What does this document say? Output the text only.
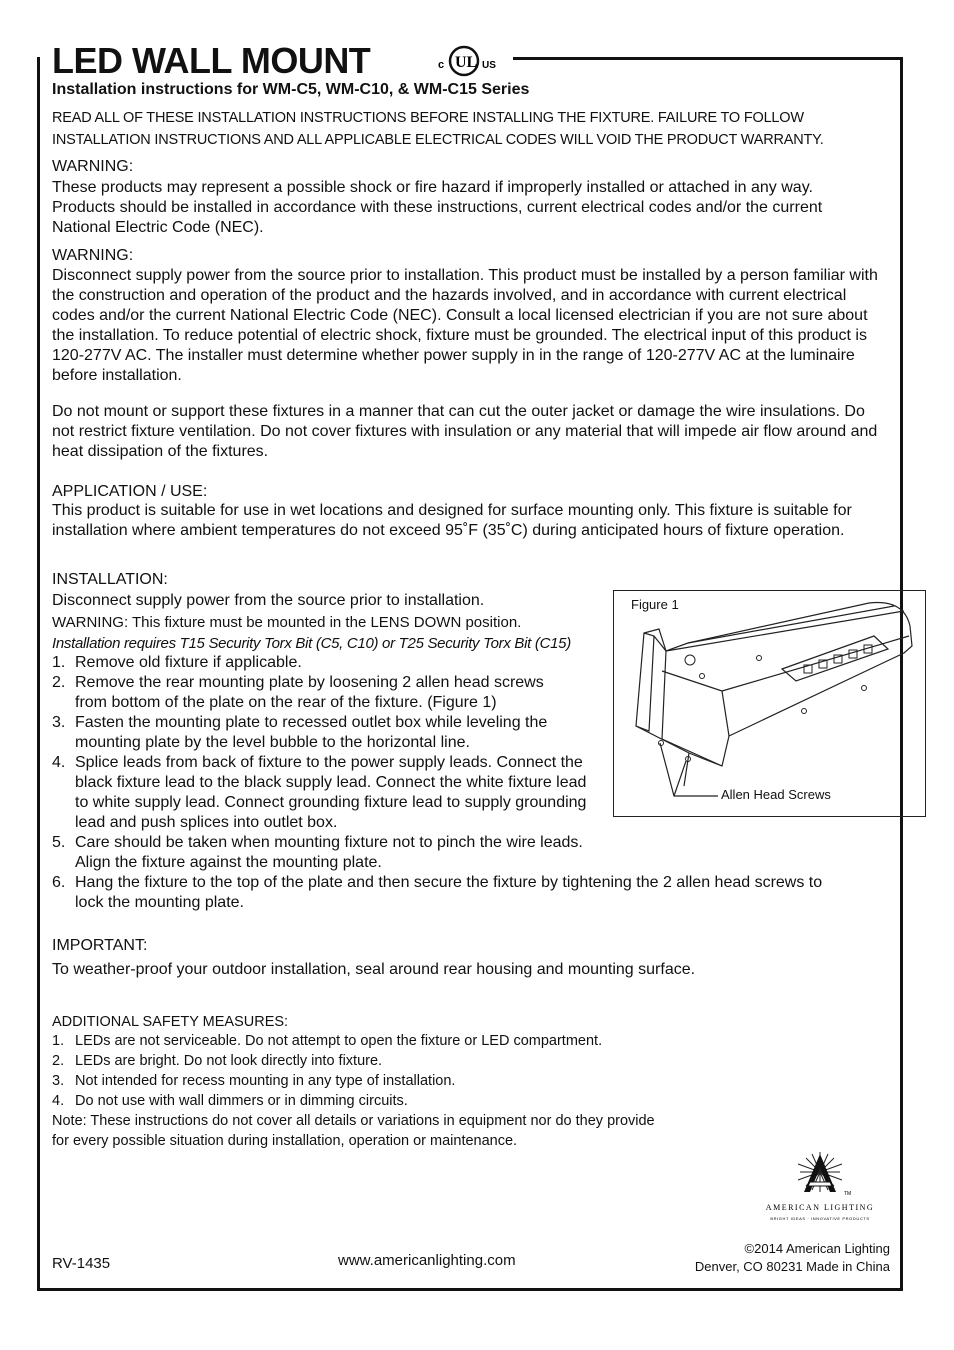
LED WALL MOUNT	c UL US
Installation instructions for WM-C5, WM-C10, & WM-C15 Series
READ ALL OF THESE INSTALLATION INSTRUCTIONS BEFORE INSTALLING THE FIXTURE. FAILURE TO FOLLOW
INSTALLATION INSTRUCTIONS AND ALL APPLICABLE ELECTRICAL CODES WILL VOID THE PRODUCT WARRANTY.
WARNING:
These products may represent a possible shock or fire hazard if improperly installed or attached in any way. Products should be installed in accordance with these instructions, current electrical codes and/or the current National Electric Code (NEC).
WARNING:
Disconnect supply power from the source prior to installation. This product must be installed by a person familiar with the construction and operation of the product and the hazards involved, and in accordance with current electrical codes and/or the current National Electric Code (NEC). Consult a local licensed electrician if you are not sure about the installation. To reduce potential of electric shock, fixture must be grounded. The electrical input of this product is 120-277V AC. The installer must determine whether power supply in in the range of 120-277V AC at the luminaire before installation.
Do not mount or support these fixtures in a manner that can cut the outer jacket or damage the wire insulations. Do not restrict fixture ventilation. Do not cover fixtures with insulation or any material that will impede air flow around and heat dissipation of the fixtures.
APPLICATION / USE:
This product is suitable for use in wet locations and designed for surface mounting only. This fixture is suitable for installation where ambient temperatures do not exceed 95˚F (35˚C) during anticipated hours of fixture operation.
INSTALLATION:
Disconnect supply power from the source prior to installation.
WARNING: This fixture must be mounted in the LENS DOWN position.
Installation requires T15 Security Torx Bit (C5, C10) or T25 Security Torx Bit (C15)
1. Remove old fixture if applicable.
2. Remove the rear mounting plate by loosening 2 allen head screws from bottom of the plate on the rear of the fixture. (Figure 1)
3. Fasten the mounting plate to recessed outlet box while leveling the mounting plate by the level bubble to the horizontal line.
4. Splice leads from back of fixture to the power supply leads. Connect the black fixture lead to the black supply lead. Connect the white fixture lead to white supply lead. Connect grounding fixture lead to supply grounding lead and push splices into outlet box.
5. Care should be taken when mounting fixture not to pinch the wire leads. Align the fixture against the mounting plate.
6. Hang the fixture to the top of the plate and then secure the fixture by tightening the 2 allen head screws to lock the mounting plate.
Figure 1
Allen Head Screws
IMPORTANT:
To weather-proof your outdoor installation, seal around rear housing and mounting surface.
ADDITIONAL SAFETY MEASURES:
1. LEDs are not serviceable. Do not attempt to open the fixture or LED compartment.
2. LEDs are bright. Do not look directly into fixture.
3. Not intended for recess mounting in any type of installation.
4. Do not use with wall dimmers or in dimming circuits.
Note: These instructions do not cover all details or variations in equipment nor do they provide
for every possible situation during installation, operation or maintenance.
TM
AMERICAN LIGHTING
BRIGHT IDEAS · INNOVATIVE PRODUCTS
RV-1435	www.americanlighting.com
©2014 American Lighting
Denver, CO 80231 Made in China
